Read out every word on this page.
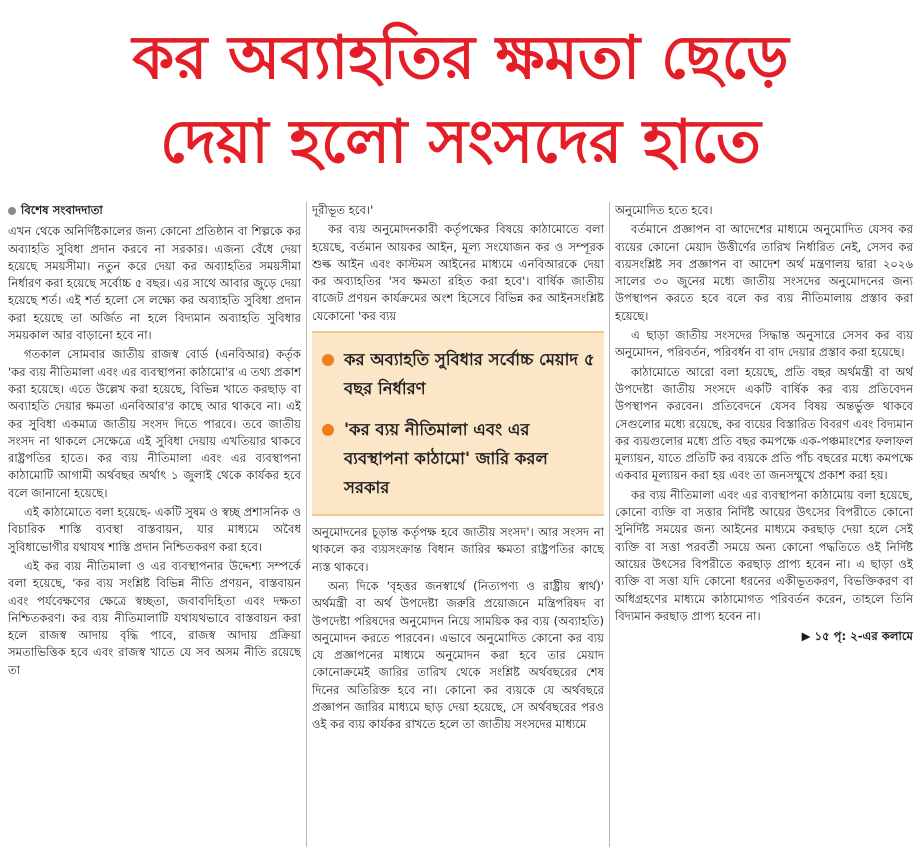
কর অব্যাহতির ক্ষমতা ছেড়ে
দেয়া হলো সংসদের হাতে
বিশেষ সংবাদদাতা

এখন থেকে অনির্দিষ্টকালের জন্য কোনো প্রতিষ্ঠান বা শিল্পকে কর অব্যাহতি সুবিধা প্রদান করবে না সরকার। এজন্য বেঁধে দেয়া হয়েছে সময়সীমা। নতুন করে দেয়া কর অব্যাহতির সময়সীমা নির্ধারণ করা হয়েছে সর্বোচ্চ ৫ বছর। এর সাথে আবার জুড়ে দেয়া হয়েছে শর্ত। এই শর্ত হলো সে লক্ষ্যে কর অব্যাহতি সুবিধা প্রদান করা হয়েছে তা অর্জিত না হলে বিদ্যমান অব্যাহতি সুবিধার সময়কাল আর বাড়ানো হবে না।

গতকাল সোমবার জাতীয় রাজস্ব বোর্ড (এনবিআর) কর্তৃক 'কর ব্যয় নীতিমালা এবং এর ব্যবস্থাপনা কাঠামো'র এ তথ্য প্রকাশ করা হয়েছে। এতে উল্লেখ করা হয়েছে, বিভিন্ন খাতে করছাড় বা অব্যাহতি দেয়ার ক্ষমতা এনবিআর'র কাছে আর থাকবে না। এই কর সুবিধা একমাত্র জাতীয় সংসদ দিতে পারবে। তবে জাতীয় সংসদ না থাকলে সেক্ষেত্রে এই সুবিধা দেয়ায় এখতিয়ার থাকবে রাষ্ট্রপতির হাতে। কর ব্যয় নীতিমালা এবং এর ব্যবস্থাপনা কাঠামোটি আগামী অর্থবছর অর্থাৎ ১ জুলাই থেকে কার্যকর হবে বলে জানানো হয়েছে।

এই কাঠামোতে বলা হয়েছে- একটি সুষম ও স্বচ্ছ প্রশাসনিক ও বিচারিক শাস্তি ব্যবস্থা বাস্তবায়ন, যার মাধ্যমে অবৈধ সুবিধাভোগীর যথাযথ শাস্তি প্রদান নিশ্চিতকরণ করা হবে।

এই কর ব্যয় নীতিমালা ও এর ব্যবস্থাপনার উদ্দেশ্য সম্পর্কে বলা হয়েছে, 'কর ব্যয় সংশ্লিষ্ট বিভিন্ন নীতি প্রণয়ন, বাস্তবায়ন এবং পর্যবেক্ষণের ক্ষেত্রে স্বচ্ছতা, জবাবদিহিতা এবং দক্ষতা নিশ্চিতকরণ। কর ব্যয় নীতিমালাটি যথাযথভাবে বাস্তবায়ন করা হলে রাজস্ব আদায় বৃদ্ধি পাবে, রাজস্ব আদায় প্রক্রিয়া সমতাভিত্তিক হবে এবং রাজস্ব খাতে যে সব অসম নীতি রয়েছে তা

দূরীভূত হবে।'

কর ব্যয় অনুমোদনকারী কর্তৃপক্ষের বিষয়ে কাঠামোতে বলা হয়েছে, বর্তমান আয়কর আইন, মূল্য সংযোজন কর ও সম্পূরক শুল্ক আইন এবং কাস্টমস আইনের মাধ্যমে এনবিআরকে দেয়া কর অব্যাহতির 'সব ক্ষমতা রহিত করা হবে'। বার্ষিক জাতীয় বাজেট প্রণয়ন কার্যক্রমের অংশ হিসেবে বিভিন্ন কর আইনসংশ্লিষ্ট যেকোনো 'কর ব্যয়

কর অব্যাহতি সুবিধার সর্বোচ্চ মেয়াদ ৫ বছর নির্ধারণ
'কর ব্যয় নীতিমালা এবং এর ব্যবস্থাপনা কাঠামো' জারি করল সরকার

অনুমোদনের চূড়ান্ত কর্তৃপক্ষ হবে জাতীয় সংসদ'। আর সংসদ না থাকলে কর ব্যয়সংক্রান্ত বিধান জারির ক্ষমতা রাষ্ট্রপতির কাছে ন্যস্ত থাকবে।

অন্য দিকে 'বৃহত্তর জনস্বার্থে (নিত্যপণ্য ও রাষ্ট্রীয় স্বার্থ)' অর্থমন্ত্রী বা অর্থ উপদেষ্টা জরুরি প্রয়োজনে মন্ত্রিপরিষদ বা উপদেষ্টা পরিষদের অনুমোদন নিয়ে সাময়িক কর ব্যয় (অব্যাহতি) অনুমোদন করতে পারবেন। এভাবে অনুমোদিত কোনো কর ব্যয় যে প্রজ্ঞাপনের মাধ্যমে অনুমোদন করা হবে তার মেয়াদ কোনোক্রমেই জারির তারিখ থেকে সংশ্লিষ্ট অর্থবছরের শেষ দিনের অতিরিক্ত হবে না। কোনো কর ব্যয়কে যে অর্থবছরে প্রজ্ঞাপন জারির মাধ্যমে ছাড় দেয়া হয়েছে, সে অর্থবছরের পরও ওই কর ব্যয় কার্যকর রাখতে হলে তা জাতীয় সংসদের মাধ্যমে

অনুমোদিত হতে হবে।

বর্তমানে প্রজ্ঞাপন বা আদেশের মাধ্যমে অনুমোদিত যেসব কর ব্যয়ের কোনো মেয়াদ উত্তীর্ণের তারিখ নির্ধারিত নেই, সেসব কর ব্যয়সংশ্লিষ্ট সব প্রজ্ঞাপন বা আদেশ অর্থ মন্ত্রণালয় দ্বারা ২০২৬ সালের ৩০ জুনের মধ্যে জাতীয় সংসদের অনুমোদনের জন্য উপস্থাপন করতে হবে বলে কর ব্যয় নীতিমালায় প্রস্তাব করা হয়েছে।

এ ছাড়া জাতীয় সংসদের সিদ্ধান্ত অনুসারে সেসব কর ব্যয় অনুমোদন, পরিবর্তন, পরিবর্ধন বা বাদ দেয়ার প্রস্তাব করা হয়েছে।

কাঠামোতে আরো বলা হয়েছে, প্রতি বছর অর্থমন্ত্রী বা অর্থ উপদেষ্টা জাতীয় সংসদে একটি বার্ষিক কর ব্যয় প্রতিবেদন উপস্থাপন করবেন। প্রতিবেদনে যেসব বিষয় অন্তর্ভুক্ত থাকবে সেগুলোর মধ্যে রয়েছে, কর ব্যয়ের বিস্তারিত বিবরণ এবং বিদ্যমান কর ব্যয়গুলোর মধ্যে প্রতি বছর কমপক্ষে এক-পঞ্চমাংশের ফলাফল মূল্যায়ন, যাতে প্রতিটি কর ব্যয়কে প্রতি পাঁচ বছরের মধ্যে কমপক্ষে একবার মূল্যায়ন করা হয় এবং তা জনসম্মুখে প্রকাশ করা হয়।

কর ব্যয় নীতিমালা এবং এর ব্যবস্থাপনা কাঠামোয় বলা হয়েছে, কোনো ব্যক্তি বা সত্তার নির্দিষ্ট আয়ের উৎসের বিপরীতে কোনো সুনির্দিষ্ট সময়ের জন্য আইনের মাধ্যমে করছাড় দেয়া হলে সেই ব্যক্তি বা সত্তা পরবর্তী সময়ে অন্য কোনো পদ্ধতিতে ওই নির্দিষ্ট আয়ের উৎসের বিপরীতে করছাড় প্রাপ্য হবেন না। এ ছাড়া ওই ব্যক্তি বা সত্তা যদি কোনো ধরনের একীভূতকরণ, বিভক্তিকরণ বা অধিগ্রহণের মাধ্যমে কাঠামোগত পরিবর্তন করেন, তাহলে তিনি বিদ্যমান করছাড় প্রাপ্য হবেন না।

▶ ১৫ পৃ: ২-এর কলামে
